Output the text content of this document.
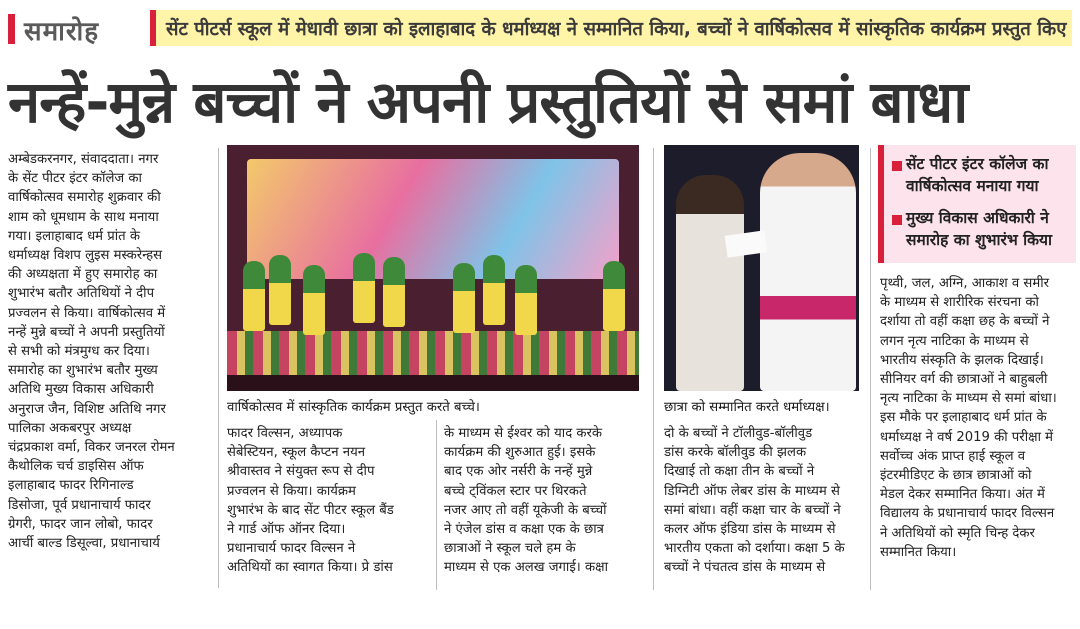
समारोह	सेंट पीटर्स स्कूल में मेधावी छात्रा को इलाहाबाद के धर्माध्यक्ष ने सम्मानित किया, बच्चों ने वार्षिकोत्सव में सांस्कृतिक कार्यक्रम प्रस्तुत किए
नन्हें-मुन्ने बच्चों ने अपनी प्रस्तुतियों से समां बाधा

अम्बेडकरनगर, संवाददाता। नगर

के सेंट पीटर इंटर कॉलेज का

वार्षिकोत्सव समारोह शुक्रवार की

शाम को धूमधाम के साथ मनाया

गया। इलाहाबाद धर्म प्रांत के

धर्माध्यक्ष विशप लुइस मस्करेन्हस

की अध्यक्षता में हुए समारोह का

शुभारंभ बतौर अतिथियों ने दीप

प्रज्वलन से किया। वार्षिकोत्सव में

नन्हें मुन्ने बच्चों ने अपनी प्रस्तुतियों

से सभी को मंत्रमुग्ध कर दिया।

समारोह का शुभारंभ बतौर मुख्य

अतिथि मुख्य विकास अधिकारी

अनुराज जैन, विशिष्ट अतिथि नगर

पालिका अकबरपुर अध्यक्ष

चंद्रप्रकाश वर्मा, विकर जनरल रोमन

कैथोलिक चर्च डाइसिस ऑफ

इलाहाबाद फादर रिगिनाल्ड

डिसोजा, पूर्व प्रधानाचार्य फादर

ग्रेगरी, फादर जान लोबो, फादर

आर्ची बाल्ड डिसूल्वा, प्रधानाचार्य

वार्षिकोत्सव में सांस्कृतिक कार्यक्रम प्रस्तुत करते बच्चे।	छात्रा को सम्मानित करते धर्माध्यक्ष।

फादर विल्सन, अध्यापक

सेबेस्टियन, स्कूल कैप्टन नयन

श्रीवास्तव ने संयुक्त रूप से दीप

प्रज्वलन से किया। कार्यक्रम

शुभारंभ के बाद सेंट पीटर स्कूल बैंड

ने गार्ड ऑफ ऑनर दिया।

प्रधानाचार्य फादर विल्सन ने

अतिथियों का स्वागत किया। प्रे डांस

के माध्यम से ईश्वर को याद करके

कार्यक्रम की शुरुआत हुई। इसके

बाद एक ओर नर्सरी के नन्हें मुन्ने

बच्चे ट्विंकल स्टार पर थिरकते

नजर आए तो वहीं यूकेजी के बच्चों

ने एंजेल डांस व कक्षा एक के छात्र

छात्राओं ने स्कूल चले हम के

माध्यम से एक अलख जगाई। कक्षा

दो के बच्चों ने टॉलीवुड-बॉलीवुड

डांस करके बॉलीवुड की झलक

दिखाई तो कक्षा तीन के बच्चों ने

डिग्निटी ऑफ लेबर डांस के माध्यम से

समां बांधा। वहीं कक्षा चार के बच्चों ने

कलर ऑफ इंडिया डांस के माध्यम से

भारतीय एकता को दर्शाया। कक्षा 5 के

बच्चों ने पंचतत्व डांस के माध्यम से

सेंट पीटर इंटर कॉलेज का

वार्षिकोत्सव मनाया गया

मुख्य विकास अधिकारी ने

समारोह का शुभारंभ किया

पृथ्वी, जल, अग्नि, आकाश व समीर

के माध्यम से शारीरिक संरचना को

दर्शाया तो वहीं कक्षा छह के बच्चों ने

लगन नृत्य नाटिका के माध्यम से

भारतीय संस्कृति के झलक दिखाई।

सीनियर वर्ग की छात्राओं ने बाहुबली

नृत्य नाटिका के माध्यम से समां बांधा।

इस मौके पर इलाहाबाद धर्म प्रांत के

धर्माध्यक्ष ने वर्ष 2019 की परीक्षा में

सर्वोच्च अंक प्राप्त हाई स्कूल व

इंटरमीडिएट के छात्र छात्राओं को

मेडल देकर सम्मानित किया। अंत में

विद्यालय के प्रधानाचार्य फादर विल्सन

ने अतिथियों को स्मृति चिन्ह देकर

सम्मानित किया।
